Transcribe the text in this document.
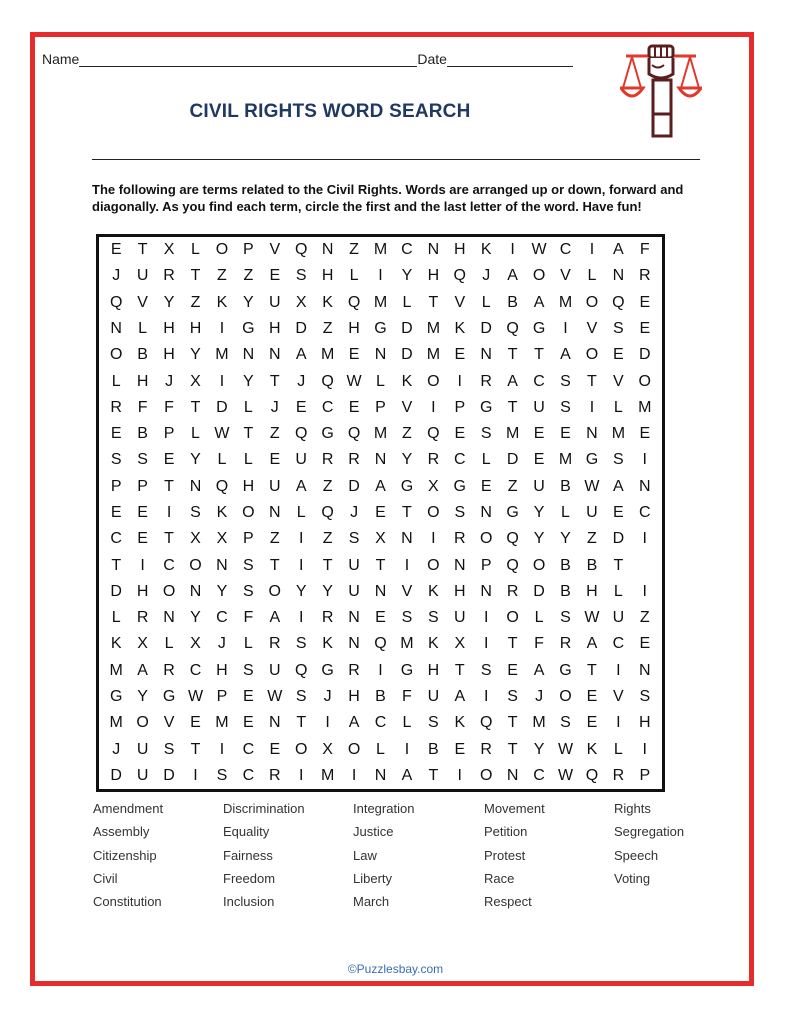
Name	Date
CIVIL RIGHTS WORD SEARCH
The following are terms related to the Civil Rights. Words are arranged up or down, forward and diagonally. As you find each term, circle the first and the last letter of the word. Have fun!
E	T	X	L O P V Q N Z M C N H K	I	W C	I	A	F
J	U R T	Z	Z	E S H	L	I	Y H Q	J	A O V	L	N R
Q V Y	Z	K Y U X K Q M L	T	V	L	B A M O Q E
N	L	H H	I	G H D Z H G D M K D Q G	I	V S E
O B H Y M N N A M E N D M E N T	T	A O E D
L	H	J	X	I	Y	T	J	Q W L	K O	I	R A C S	T	V O
R F	F	T D	L	J	E C E P V	I	P G T U S	I	L M
E B P	L W T	Z Q G Q M Z Q E S M E E N M E
S S E Y	L	L	E U R R N Y R C	L	D E M G S	I
P P	T N Q H U A	Z D A G X G E	Z U B W A N
E E	I	S K O N	L Q	J	E	T O S N G Y	L	U E C
C E	T	X X P	Z	I	Z	S X N	I	R O Q Y Y	Z D	I
T	I	C O N S	T	I	T U T	I	O N P Q O B B	T
D H O N Y S O Y Y U N V K H N R D B H	L	I
L	R N Y C F	A	I	R N E S S U	I	O L	S W U Z
K X	L	X	J	L	R S K N Q M K X	I	T	F R A C E
M A R C H S U Q G R	I	G H T	S E A G T	I	N
G Y G W P E W S	J	H B	F U A	I	S	J	O E V S
M O V E M E N T	I	A C	L	S K Q T M S E	I	H
J	U S	T	I	C E O X O L	I	B E R T	Y W K	L	I
D U D	I	S C R	I	M	I	N A	T	I	O N C W Q R P
Amendment
Assembly
Citizenship
Civil
Constitution
Discrimination
Equality
Fairness
Freedom
Inclusion
Integration
Justice
Law
Liberty
March
Movement
Petition
Protest
Race
Respect
Rights
Segregation
Speech
Voting
©Puzzlesbay.com
